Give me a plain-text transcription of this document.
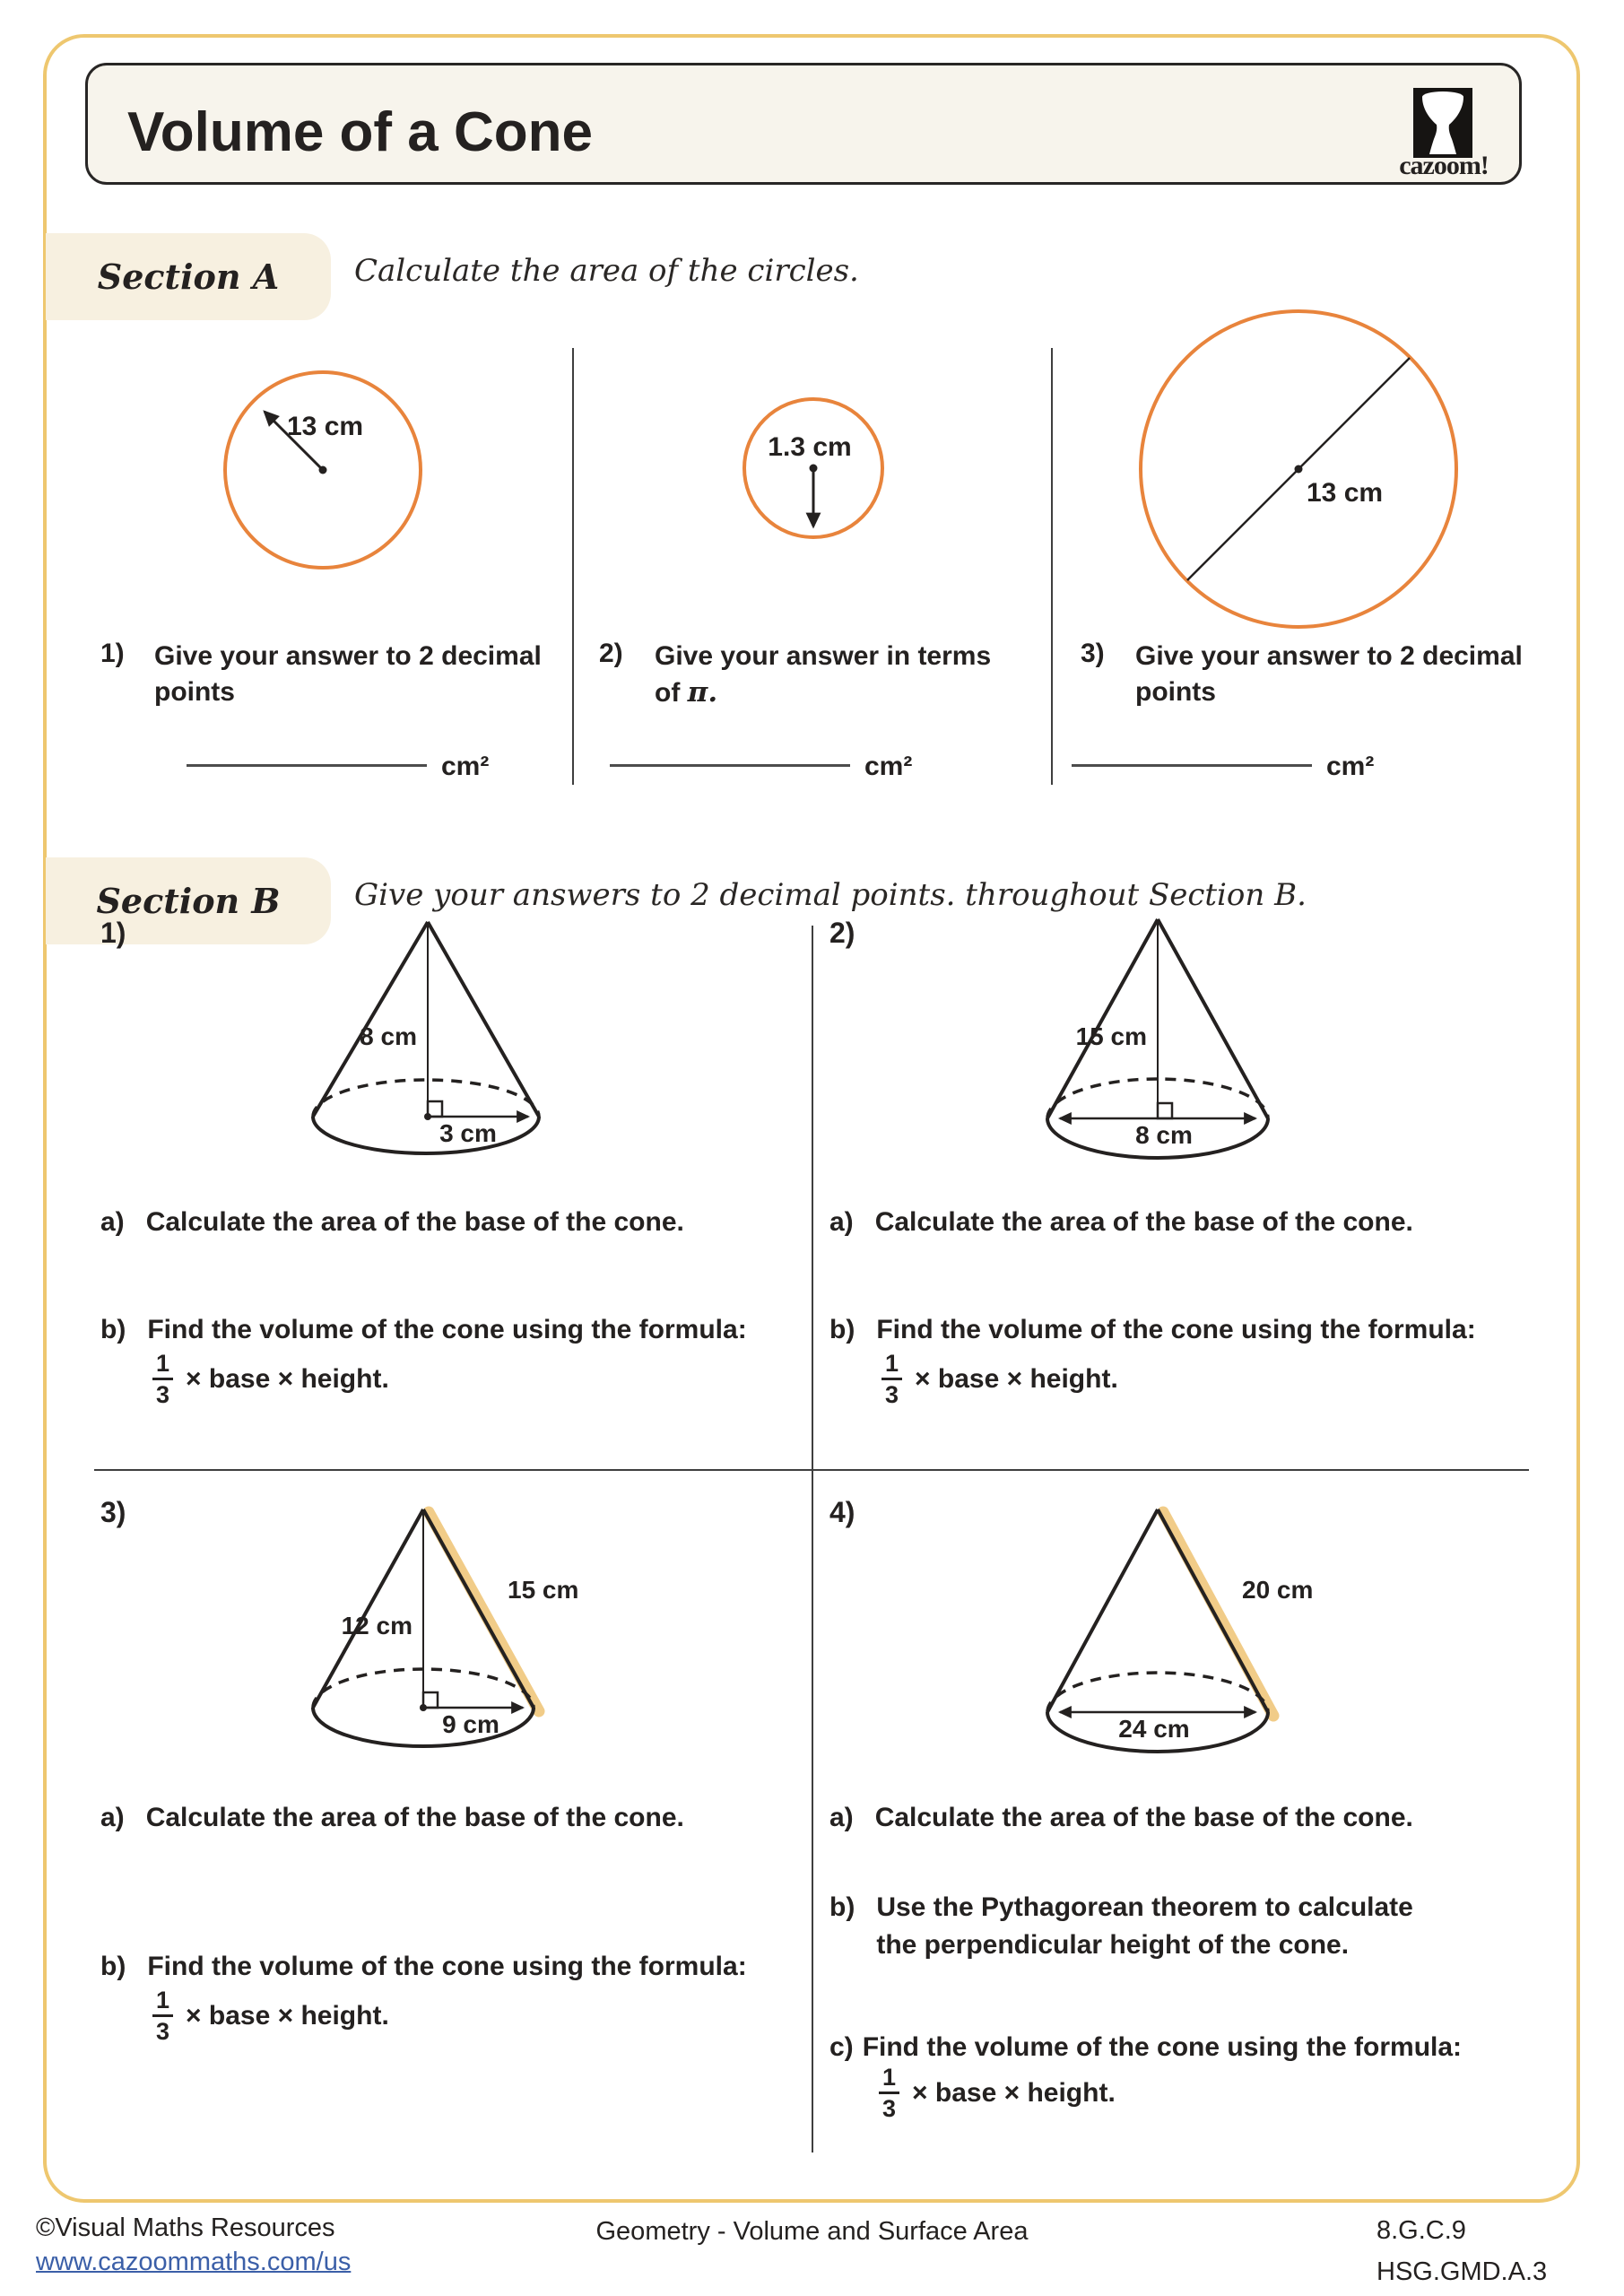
Volume of a Cone
cazoom!
Section A	Calculate the area of the circles.
13 cm
1.3 cm
13 cm
1) Give your answer to 2 decimal
points
cm²
2) Give your answer in terms
of π.
cm²
3) Give your answer to 2 decimal
points
cm²
Section B	Give your answers to 2 decimal points. throughout Section B.
1)
8 cm
3 cm
a) Calculate the area of the base of the cone.
b) Find the volume of the cone using the formula:
$\frac{1}{3}$ × base × height.
2)
15 cm
8 cm
a) Calculate the area of the base of the cone.
b) Find the volume of the cone using the formula:
$\frac{1}{3}$ × base × height.
3)
12 cm
15 cm
9 cm
a) Calculate the area of the base of the cone.
b) Find the volume of the cone using the formula:
$\frac{1}{3}$ × base × height.
4)
20 cm
24 cm
a) Calculate the area of the base of the cone.
b) Use the Pythagorean theorem to calculate
the perpendicular height of the cone.
c) Find the volume of the cone using the formula:
$\frac{1}{3}$ × base × height.
©Visual Maths Resources
www.cazoommaths.com/us
Geometry - Volume and Surface Area	8.G.C.9
HSG.GMD.A.3
